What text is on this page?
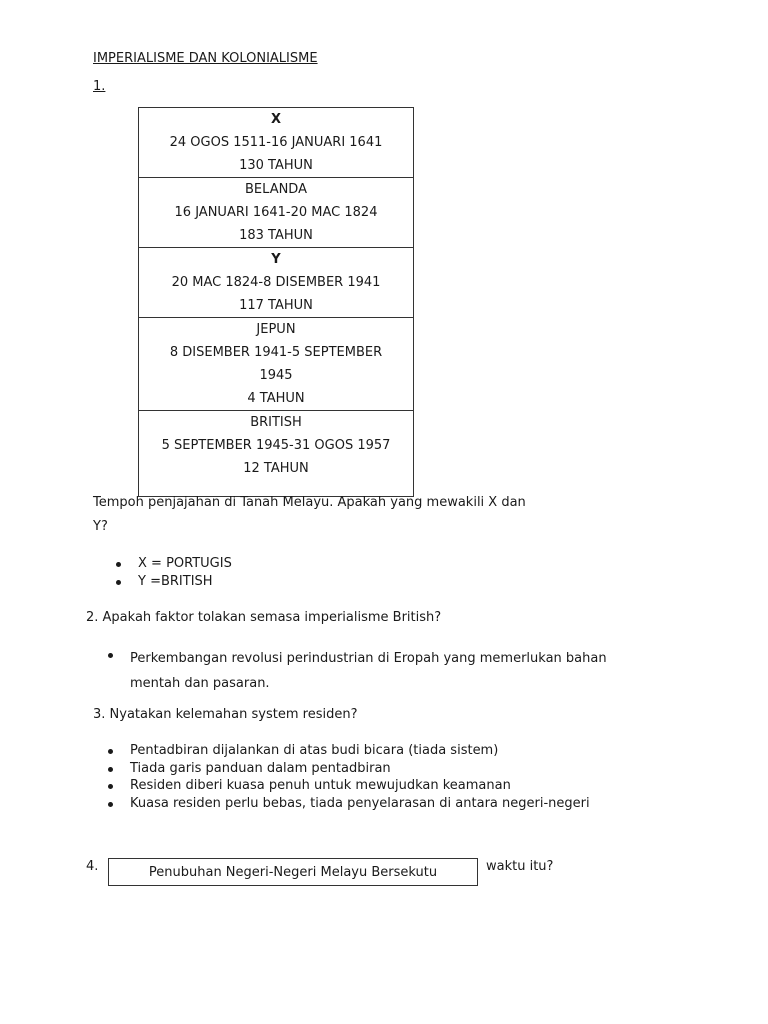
IMPERIALISME DAN KOLONIALISME
1.
X
24 OGOS 1511-16 JANUARI 1641
130 TAHUN

BELANDA
16 JANUARI 1641-20 MAC 1824
183 TAHUN

Y
20 MAC 1824-8 DISEMBER 1941
117 TAHUN

JEPUN
8 DISEMBER 1941-5 SEPTEMBER
1945
4 TAHUN

BRITISH
5 SEPTEMBER 1945-31 OGOS 1957
12 TAHUN
Tempoh penjajahan di Tanah Melayu. Apakah yang mewakili X dan
Y?
X = PORTUGIS
Y =BRITISH
2. Apakah faktor tolakan semasa imperialisme British?
Perkembangan revolusi perindustrian di Eropah yang memerlukan bahan
mentah dan pasaran.
3. Nyatakan kelemahan system residen?
Pentadbiran dijalankan di atas budi bicara (tiada sistem)
Tiada garis panduan dalam pentadbiran
Residen diberi kuasa penuh untuk mewujudkan keamanan
Kuasa residen perlu bebas, tiada penyelarasan di antara negeri-negeri
4.	waktu itu?
Penubuhan Negeri-Negeri Melayu Bersekutu
